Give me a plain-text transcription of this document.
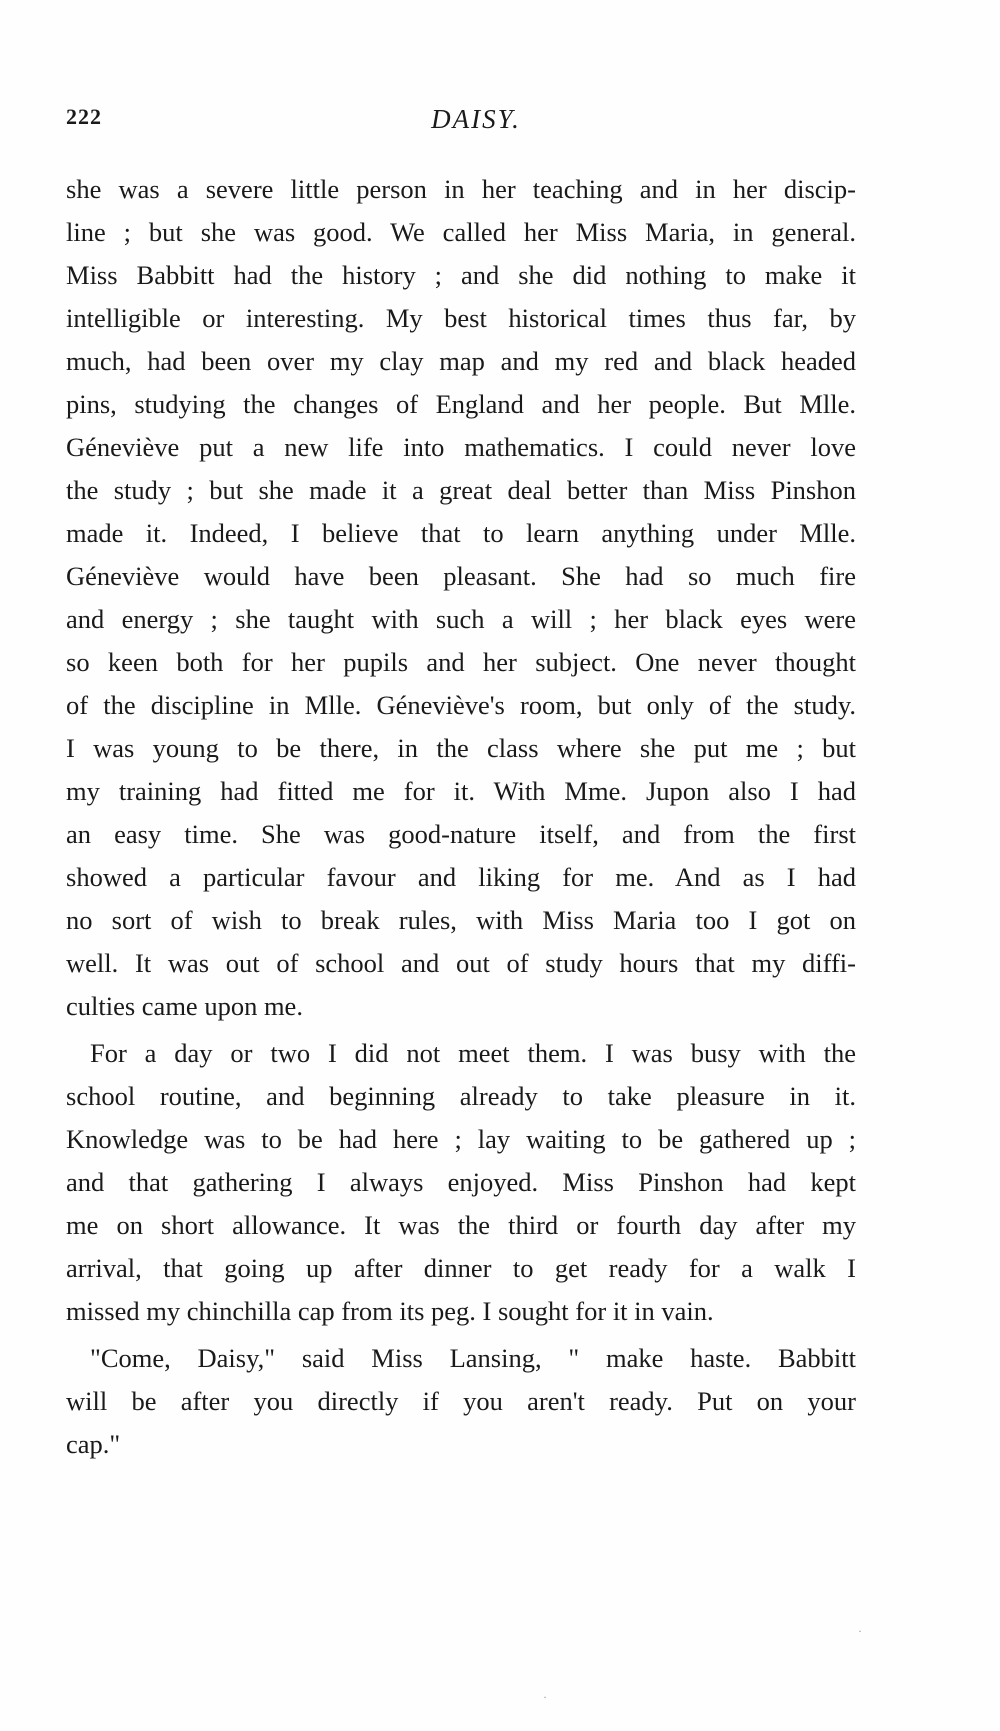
222	DAISY.
she was a severe little person in her teaching and in her discip-
line ; but she was good. We called her Miss Maria, in general.
Miss Babbitt had the history ; and she did nothing to make it
intelligible or interesting. My best historical times thus far, by
much, had been over my clay map and my red and black headed
pins, studying the changes of England and her people. But Mlle.
Géneviève put a new life into mathematics. I could never love
the study ; but she made it a great deal better than Miss Pinshon
made it. Indeed, I believe that to learn anything under Mlle.
Géneviève would have been pleasant. She had so much fire
and energy ; she taught with such a will ; her black eyes were
so keen both for her pupils and her subject. One never thought
of the discipline in Mlle. Géneviève's room, but only of the study.
I was young to be there, in the class where she put me ; but
my training had fitted me for it. With Mme. Jupon also I had
an easy time. She was good-nature itself, and from the first
showed a particular favour and liking for me. And as I had
no sort of wish to break rules, with Miss Maria too I got on
well. It was out of school and out of study hours that my diffi-
culties came upon me.
For a day or two I did not meet them. I was busy with the
school routine, and beginning already to take pleasure in it.
Knowledge was to be had here ; lay waiting to be gathered up ;
and that gathering I always enjoyed. Miss Pinshon had kept
me on short allowance. It was the third or fourth day after my
arrival, that going up after dinner to get ready for a walk I
missed my chinchilla cap from its peg. I sought for it in vain.
"Come, Daisy," said Miss Lansing, " make haste. Babbitt
will be after you directly if you aren't ready. Put on your
cap."
·
·
